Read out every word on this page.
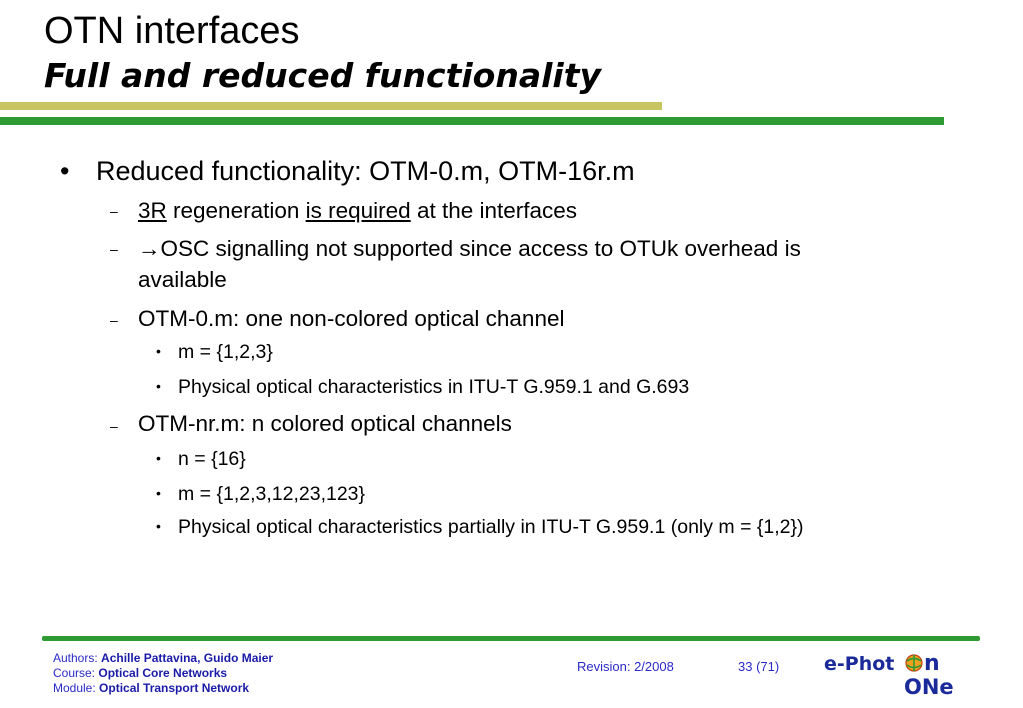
OTN interfaces
Full and reduced functionality
• Reduced functionality: OTM-0.m, OTM-16r.m
– 3R regeneration is required at the interfaces
– →OSC signalling not supported since access to OTUk overhead is
available
– OTM-0.m: one non-colored optical channel
• m = {1,2,3}
• Physical optical characteristics in ITU-T G.959.1 and G.693
– OTM-nr.m: n colored optical channels
• n = {16}
• m = {1,2,3,12,23,123}
• Physical optical characteristics partially in ITU-T G.959.1 (only m = {1,2})
Authors: Achille Pattavina, Guido Maier
Course: Optical Core Networks
Module: Optical Transport Network
Revision: 2/2008	33 (71) e-Phot n
ONe
